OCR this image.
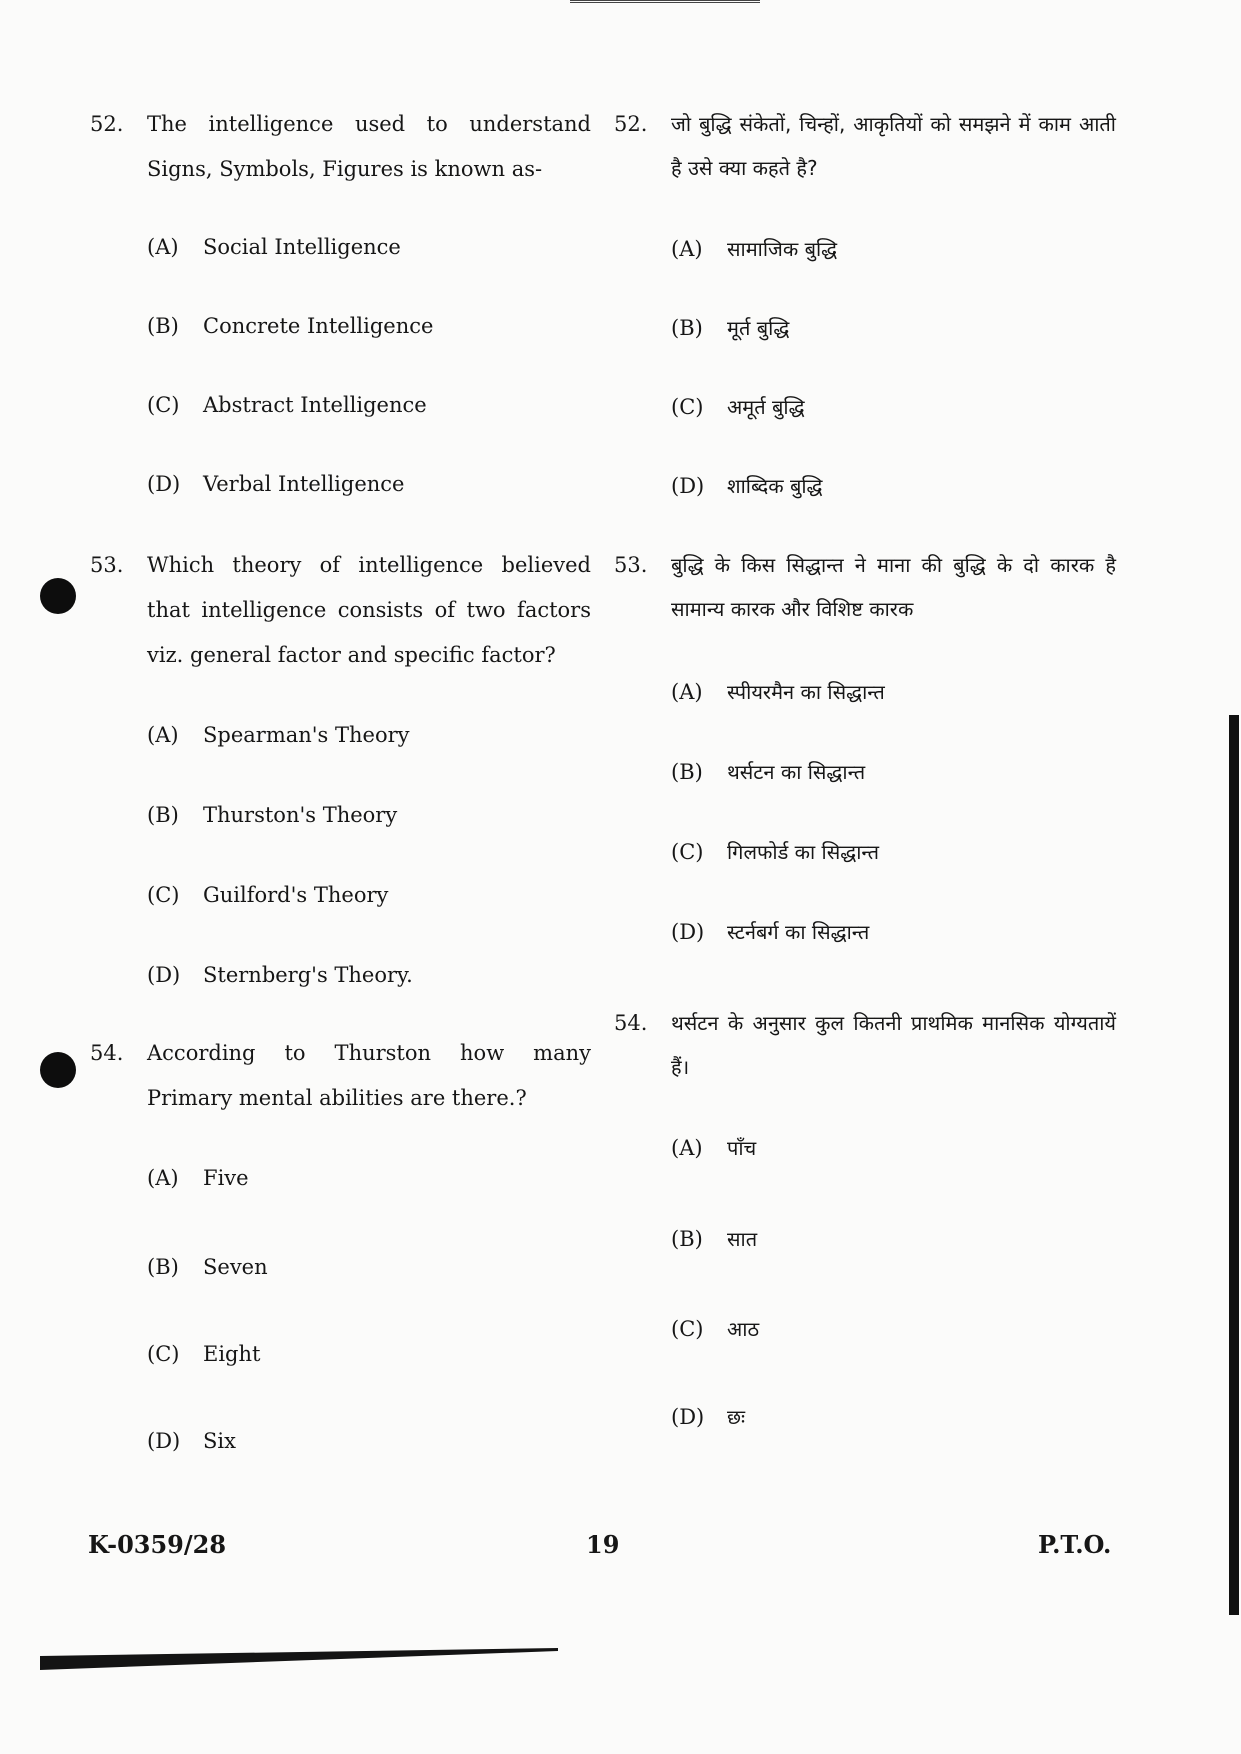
52. The intelligence used to understand Signs, Symbols, Figures is known as-

(A) Social Intelligence
(B) Concrete Intelligence
(C) Abstract Intelligence
(D) Verbal Intelligence
52. जो बुद्धि संकेतों, चिन्हों, आकृतियों को समझने में काम आती है उसे क्या कहते है?

(A) सामाजिक बुद्धि
(B) मूर्त बुद्धि
(C) अमूर्त बुद्धि
(D) शाब्दिक बुद्धि
53. Which theory of intelligence believed that intelligence consists of two factors viz. general factor and specific factor?

(A) Spearman's Theory
(B) Thurston's Theory
(C) Guilford's Theory
(D) Sternberg's Theory.
53. बुद्धि के किस सिद्धान्त ने माना की बुद्धि के दो कारक है सामान्य कारक और विशिष्ट कारक

(A) स्पीयरमैन का सिद्धान्त
(B) थर्सटन का सिद्धान्त
(C) गिलफोर्ड का सिद्धान्त
(D) स्टर्नबर्ग का सिद्धान्त
54. According to Thurston how many Primary mental abilities are there.?

(A) Five
(B) Seven
(C) Eight
(D) Six
54. थर्सटन के अनुसार कुल कितनी प्राथमिक मानसिक योग्यतायें हैं।

(A) पाँच
(B) सात
(C) आठ
(D) छः
K-0359/28	19	P.T.O.
